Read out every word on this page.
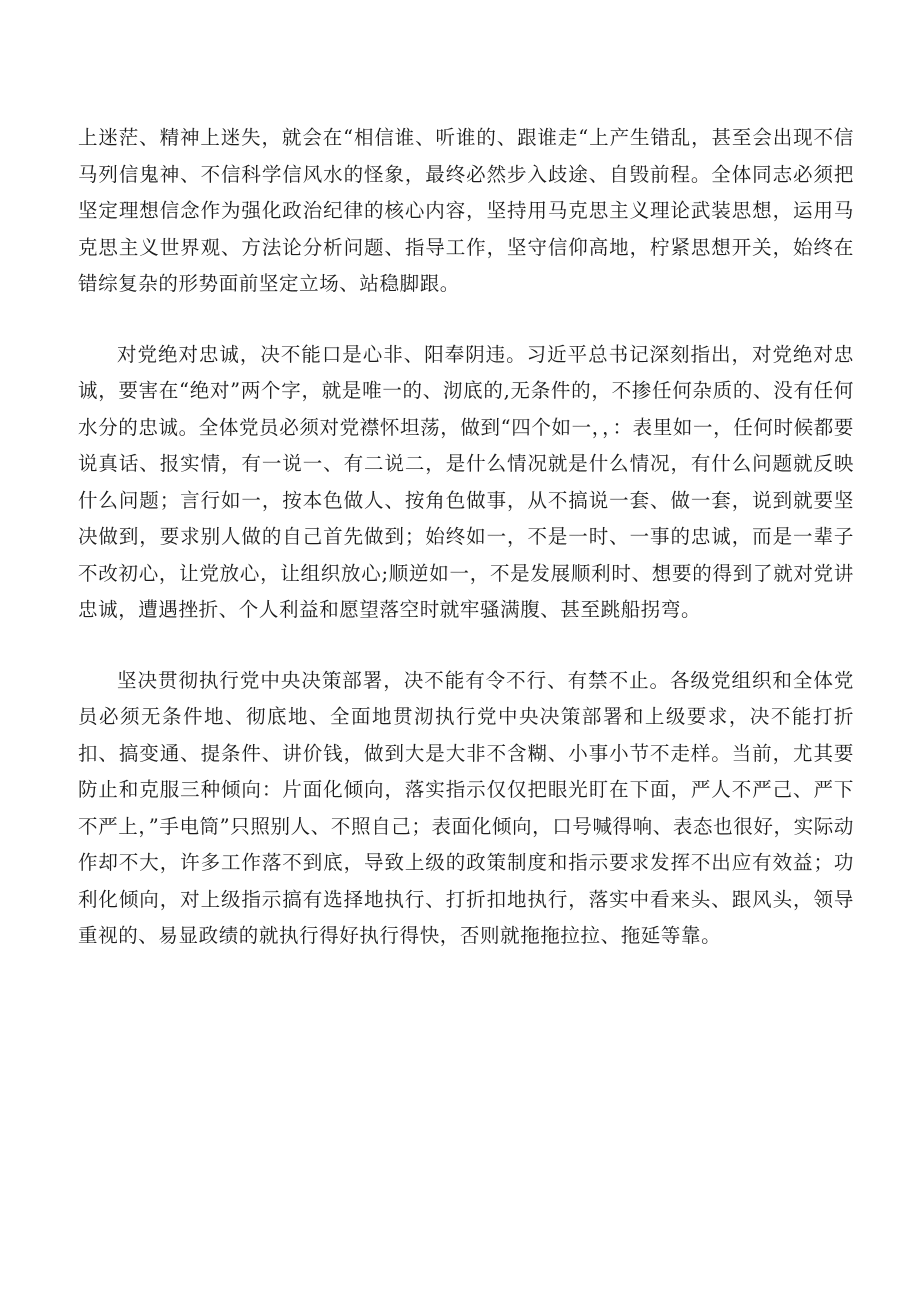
上迷茫、精神上迷失，就会在“相信谁、听谁的、跟谁走“上产生错乱，甚至会出现不信马列信鬼神、不信科学信风水的怪象，最终必然步入歧途、自毁前程。全体同志必须把坚定理想信念作为强化政治纪律的核心内容，坚持用马克思主义理论武装思想，运用马克思主义世界观、方法论分析问题、指导工作，坚守信仰高地，柠紧思想开关，始终在错综复杂的形势面前坚定立场、站稳脚跟。

对党绝对忠诚，决不能口是心非、阳奉阴违。习近平总书记深刻指出，对党绝对忠诚，要害在“绝对”两个字，就是唯一的、沏底的,无条件的，不掺任何杂质的、没有任何水分的忠诚。全体党员必须对党襟怀坦荡，做到“四个如一，，：表里如一，任何时候都要说真话、报实情，有一说一、有二说二，是什么情况就是什么情况，有什么问题就反映什么问题；言行如一，按本色做人、按角色做事，从不搞说一套、做一套，说到就要坚决做到，要求别人做的自己首先做到；始终如一，不是一时、一事的忠诚，而是一辈子不改初心，让党放心，让组织放心;顺逆如一，不是发展顺利时、想要的得到了就对党讲忠诚，遭遇挫折、个人利益和愿望落空时就牢骚满腹、甚至跳船拐弯。

坚决贯彻执行党中央决策部署，决不能有令不行、有禁不止。各级党组织和全体党员必须无条件地、彻底地、全面地贯沏执行党中央决策部署和上级要求，决不能打折扣、搞变通、提条件、讲价钱，做到大是大非不含糊、小事小节不走样。当前，尤其要防止和克服三种倾向：片面化倾向，落实指示仅仅把眼光盯在下面，严人不严己、严下不严上，”手电筒”只照别人、不照自己；表面化倾向，口号喊得响、表态也很好，实际动作却不大，许多工作落不到底，导致上级的政策制度和指示要求发挥不出应有效益；功利化倾向，对上级指示搞有选择地执行、打折扣地执行，落实中看来头、跟风头，领导重视的、易显政绩的就执行得好执行得快，否则就拖拖拉拉、拖延等靠。
